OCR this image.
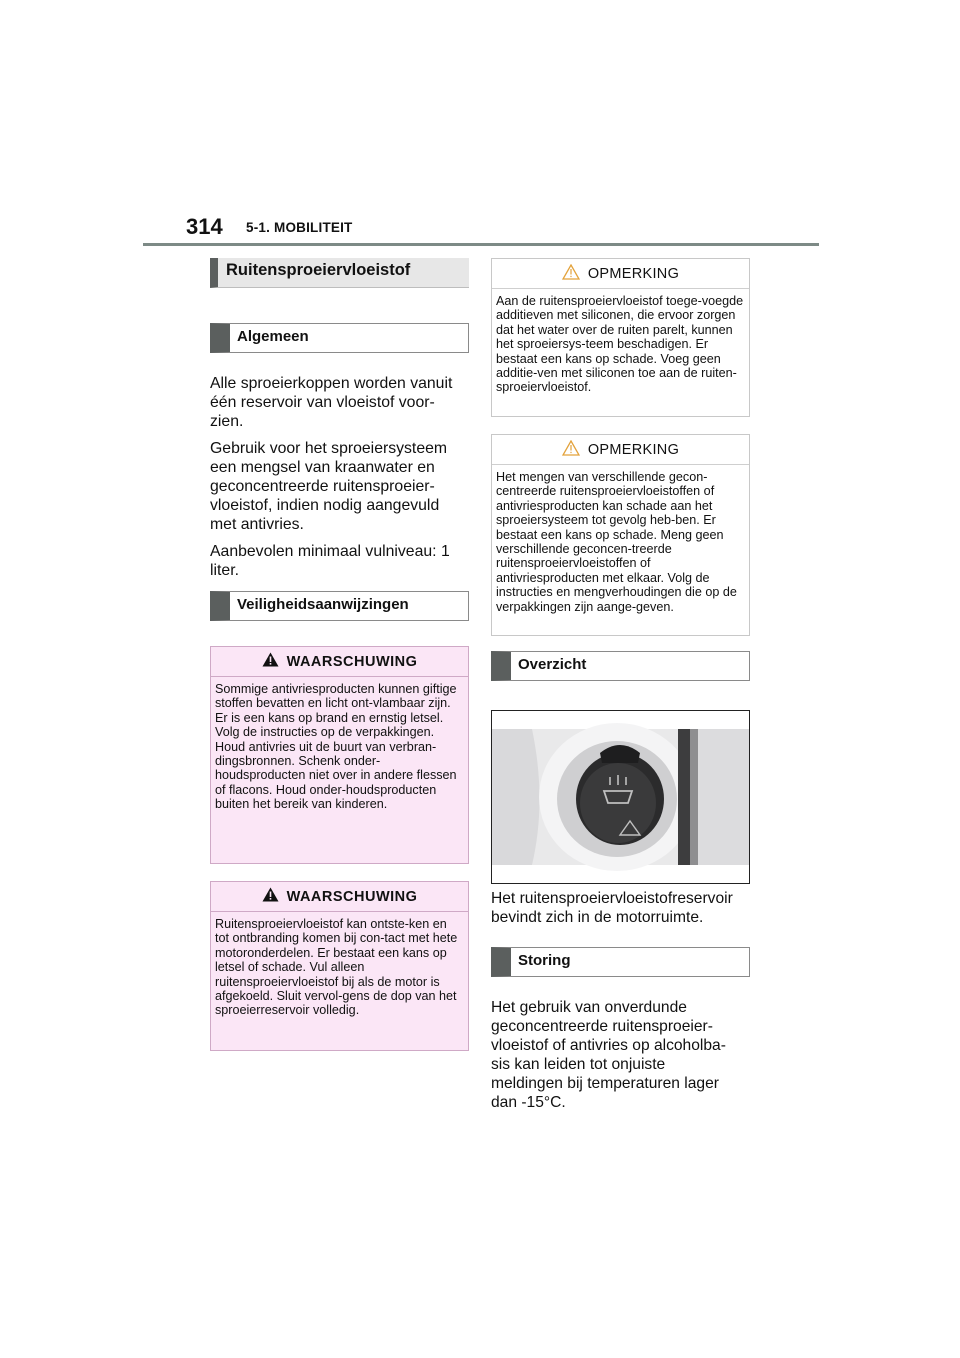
314 5-1. MOBILITEIT
Ruitensproeiervloeistof
Algemeen

Alle sproeierkoppen worden vanuit één reservoir van vloeistof voor-zien.

Gebruik voor het sproeiersysteem een mengsel van kraanwater en geconcentreerde ruitensproeier-vloeistof, indien nodig aangevuld met antivries.

Aanbevolen minimaal vulniveau: 1 liter.

Veiligheidsaanwijzingen
WAARSCHUWING

Sommige antivriesproducten kunnen giftige stoffen bevatten en licht ont-vlambaar zijn. Er is een kans op brand en ernstig letsel. Volg de instructies op de verpakkingen. Houd antivries uit de buurt van verbran-dingsbronnen. Schenk onder-houdsproducten niet over in andere flessen of flacons. Houd onder-houdsproducten buiten het bereik van kinderen.

WAARSCHUWING

Ruitensproeiervloeistof kan ontste-ken en tot ontbranding komen bij con-tact met hete motoronderdelen. Er bestaat een kans op letsel of schade. Vul alleen ruitensproeiervloeistof bij als de motor is afgekoeld. Sluit vervol-gens de dop van het sproeierreservoir volledig.

OPMERKING

Aan de ruitensproeiervloeistof toege-voegde additieven met siliconen, die ervoor zorgen dat het water over de ruiten parelt, kunnen het sproeiersys-teem beschadigen. Er bestaat een kans op schade. Voeg geen additie-ven met siliconen toe aan de ruiten-sproeiervloeistof.

OPMERKING

Het mengen van verschillende gecon-centreerde ruitensproeiervloeistoffen of antivriesproducten kan schade aan het sproeiersysteem tot gevolg heb-ben. Er bestaat een kans op schade. Meng geen verschillende geconcen-treerde ruitensproeiervloeistoffen of antivriesproducten met elkaar. Volg de instructies en mengverhoudingen die op de verpakkingen zijn aange-geven.

Overzicht
Het ruitensproeiervloeistofreservoir bevindt zich in de motorruimte.
Storing
Het gebruik van onverdunde geconcentreerde ruitensproeier-vloeistof of antivries op alcoholba-sis kan leiden tot onjuiste meldingen bij temperaturen lager dan -15°C.
